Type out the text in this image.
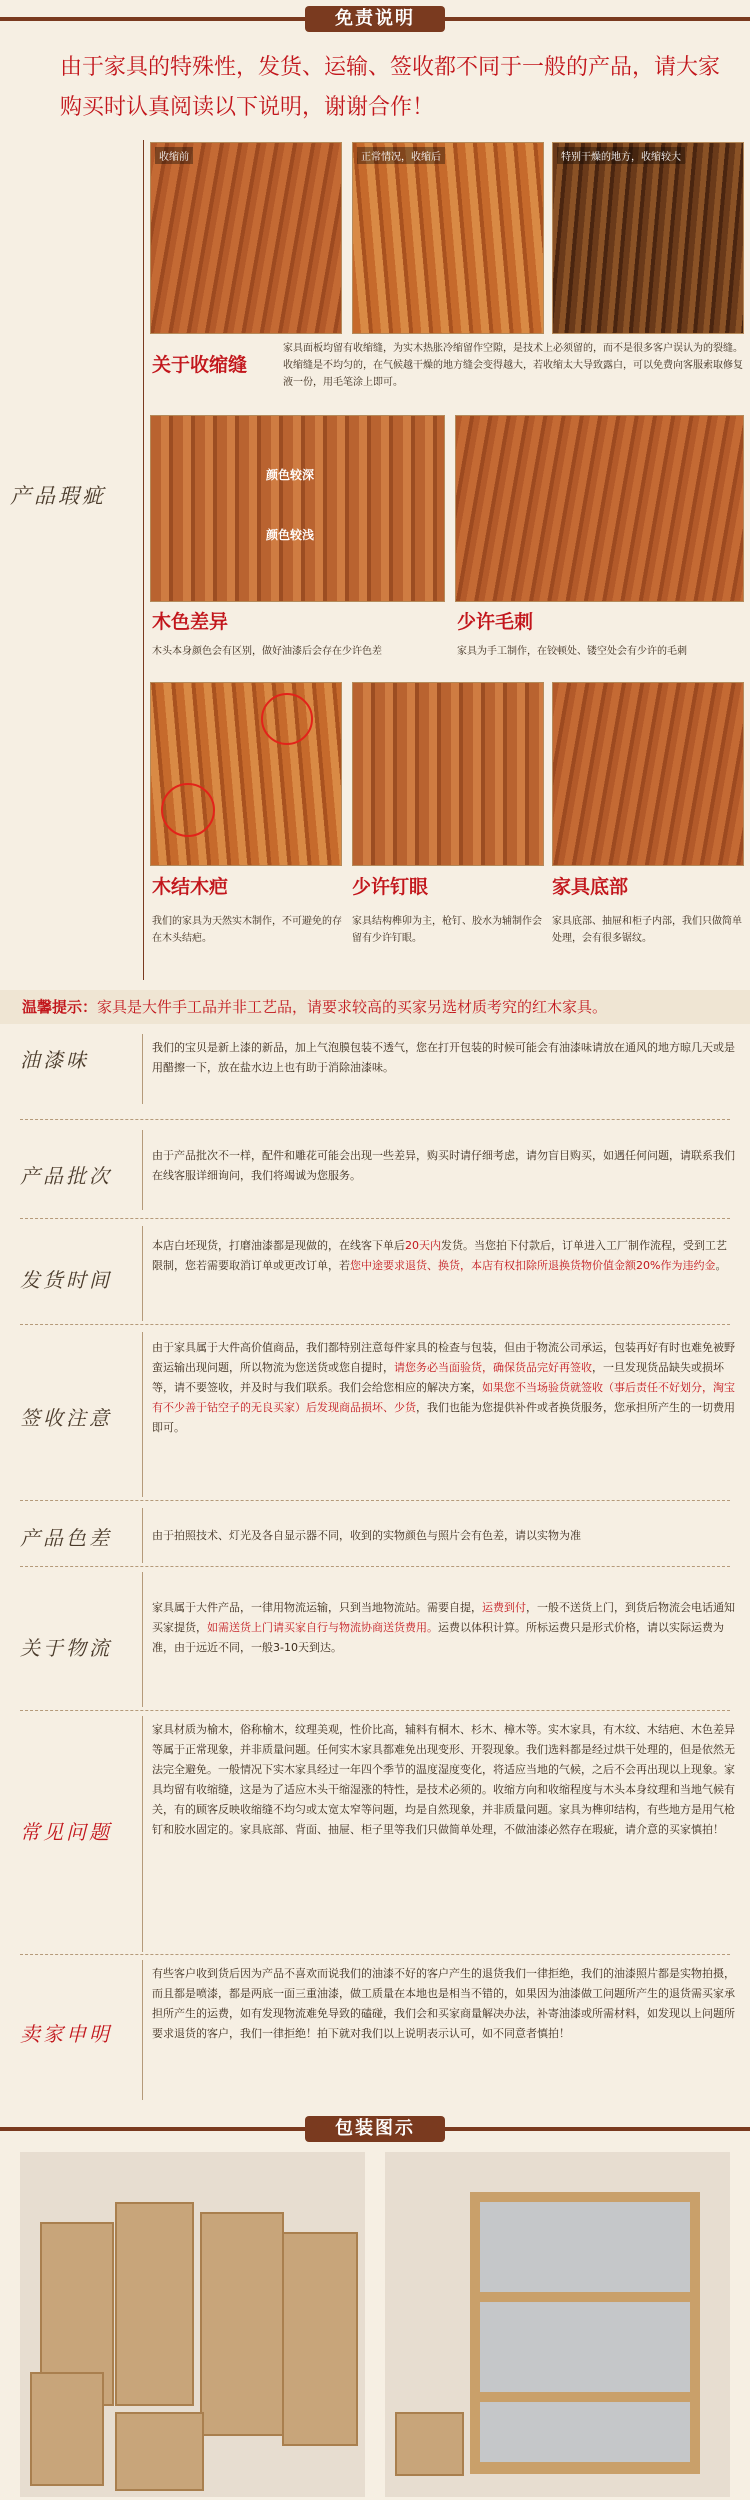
免责说明
由于家具的特殊性，发货、运输、签收都不同于一般的产品，请大家购买时认真阅读以下说明，谢谢合作！
产品瑕疵
收缩前	正常情况，收缩后	特别干燥的地方，收缩较大
关于收缩缝
家具面板均留有收缩缝，为实木热胀冷缩留作空隙，是技术上必须留的，而不是很多客户误认为的裂缝。收缩缝是不均匀的，在气候越干燥的地方缝会变得越大，若收缩太大导致露白，可以免费向客服索取修复液一份，用毛笔涂上即可。
颜色较深
颜色较浅
木色差异	少许毛刺
木头本身颜色会有区别，做好油漆后会存在少许色差	家具为手工制作，在铰顿处、镂空处会有少许的毛刺
木结木疤	少许钉眼	家具底部
我们的家具为天然实木制作，不可避免的存在木头结疤。
家具结构榫卯为主，枪钉、胶水为辅制作会留有少许钉眼。
家具底部、抽屉和柜子内部，我们只做简单处理，会有很多锯纹。
温馨提示：家具是大件手工品并非工艺品，请要求较高的买家另选材质考究的红木家具。
油漆味
我们的宝贝是新上漆的新品，加上气泡膜包装不透气，您在打开包装的时候可能会有油漆味请放在通风的地方晾几天或是用醋擦一下，放在盐水边上也有助于消除油漆味。
产品批次
由于产品批次不一样，配件和雕花可能会出现一些差异，购买时请仔细考虑，请勿盲目购买，如遇任何问题，请联系我们在线客服详细询问，我们将竭诚为您服务。
发货时间
本店白坯现货，打磨油漆都是现做的，在线客下单后20天内发货。当您拍下付款后，订单进入工厂制作流程，受到工艺限制，您若需要取消订单或更改订单，若您中途要求退货、换货，本店有权扣除所退换货物价值金额20%作为违约金。
签收注意
由于家具属于大件高价值商品，我们都特别注意每件家具的检查与包装，但由于物流公司承运，包装再好有时也难免被野蛮运输出现问题，所以物流为您送货或您自提时，请您务必当面验货，确保货品完好再签收，一旦发现货品缺失或损坏等，请不要签收，并及时与我们联系。我们会给您相应的解决方案，如果您不当场验货就签收（事后责任不好划分，淘宝有不少善于钻空子的无良买家）后发现商品损坏、少货，我们也能为您提供补件或者换货服务，您承担所产生的一切费用即可。
产品色差	由于拍照技术、灯光及各自显示器不同，收到的实物颜色与照片会有色差，请以实物为准
关于物流
家具属于大件产品，一律用物流运输，只到当地物流站。需要自提，运费到付，一般不送货上门，到货后物流会电话通知买家提货，如需送货上门请买家自行与物流协商送货费用。运费以体积计算。所标运费只是形式价格，请以实际运费为准，由于远近不同，一般3-10天到达。
常见问题
家具材质为榆木，俗称榆木，纹理美观，性价比高，辅料有桐木、杉木、樟木等。实木家具，有木纹、木结疤、木色差异等属于正常现象，并非质量问题。任何实木家具都难免出现变形、开裂现象。我们选料都是经过烘干处理的，但是依然无法完全避免。一般情况下实木家具经过一年四个季节的温度湿度变化，将适应当地的气候，之后不会再出现以上现象。家具均留有收缩缝，这是为了适应木头干缩湿涨的特性，是技术必须的。收缩方向和收缩程度与木头本身纹理和当地气候有关，有的顾客反映收缩缝不均匀或太宽太窄等问题，均是自然现象，并非质量问题。家具为榫卯结构，有些地方是用气枪钉和胶水固定的。家具底部、背面、抽屉、柜子里等我们只做简单处理，不做油漆必然存在瑕疵，请介意的买家慎拍！
卖家申明
有些客户收到货后因为产品不喜欢而说我们的油漆不好的客户产生的退货我们一律拒绝，我们的油漆照片都是实物拍摄，而且都是喷漆，都是两底一面三重油漆，做工质量在本地也是相当不错的，如果因为油漆做工问题所产生的退货需买家承担所产生的运费，如有发现物流难免导致的磕碰，我们会和买家商量解决办法，补寄油漆或所需材料，如发现以上问题所要求退货的客户，我们一律拒绝！拍下就对我们以上说明表示认可，如不同意者慎拍！
包装图示
